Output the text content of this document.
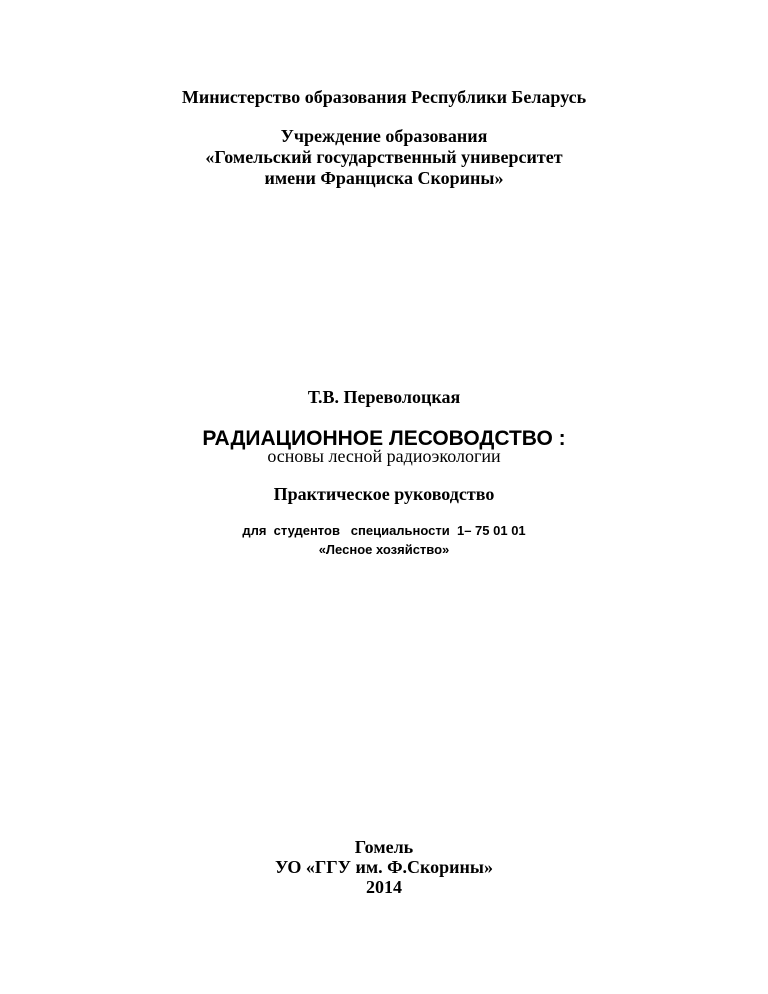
Министерство образования Республики Беларусь
Учреждение образования
«Гомельский государственный университет
имени Франциска Скорины»
Т.В. Переволоцкая
РАДИАЦИОННОЕ ЛЕСОВОДСТВО :
основы лесной радиоэкологии
Практическое руководство
для  студентов   специальности  1– 75 01 01
«Лесное хозяйство»
Гомель
УО «ГГУ им. Ф.Скорины»
2014
